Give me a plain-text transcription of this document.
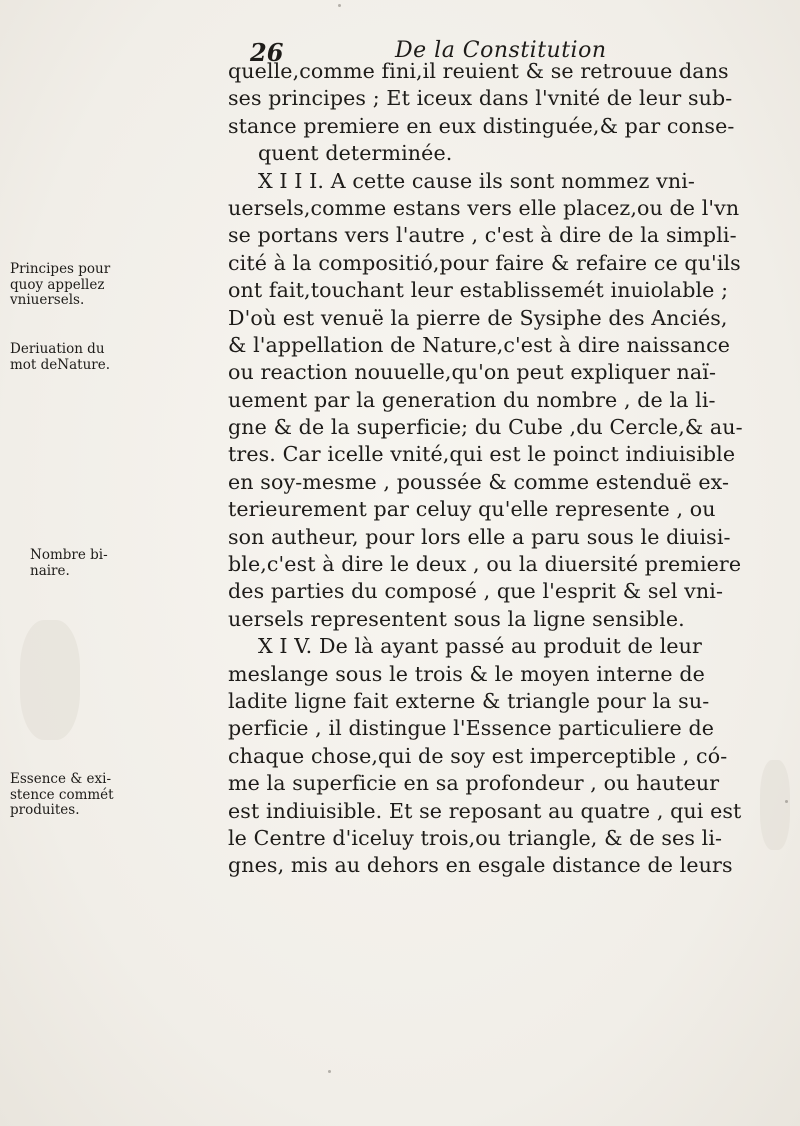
26	De la Constitution
quelle,comme fini,il reuient & se retrouue dans
ses principes ; Et iceux dans l'vnité de leur sub-
stance premiere en eux distinguée,& par conse-
quent determinée.
X I I I. A cette cause ils sont nommez vni-
uersels,comme estans vers elle placez,ou de l'vn
se portans vers l'autre , c'est à dire de la simpli-
cité à la compositió,pour faire & refaire ce qu'ils
ont fait,touchant leur establissemét inuiolable ;
D'où est venuë la pierre de Sysiphe des Anciés,
& l'appellation de Nature,c'est à dire naissance
ou reaction nouuelle,qu'on peut expliquer naï-
uement par la generation du nombre , de la li-
gne & de la superficie; du Cube ,du Cercle,& au-
tres. Car icelle vnité,qui est le poinct indiuisible
en soy-mesme , poussée & comme estenduë ex-
terieurement par celuy qu'elle represente , ou
son autheur, pour lors elle a paru sous le diuisi-
ble,c'est à dire le deux , ou la diuersité premiere
des parties du composé , que l'esprit & sel vni-
uersels representent sous la ligne sensible.
X I V. De là ayant passé au produit de leur
meslange sous le trois & le moyen interne de
ladite ligne fait externe & triangle pour la su-
perficie , il distingue l'Essence particuliere de
chaque chose,qui de soy est imperceptible , có-
me la superficie en sa profondeur , ou hauteur
est indiuisible. Et se reposant au quatre , qui est
le Centre d'iceluy trois,ou triangle, & de ses li-
gnes, mis au dehors en esgale distance de leurs
Principes pour
quoy appellez
vniuersels.
Deriuation du
mot deNature.
Nombre bi-
naire.
Essence & exi-
stence commét
produites.
